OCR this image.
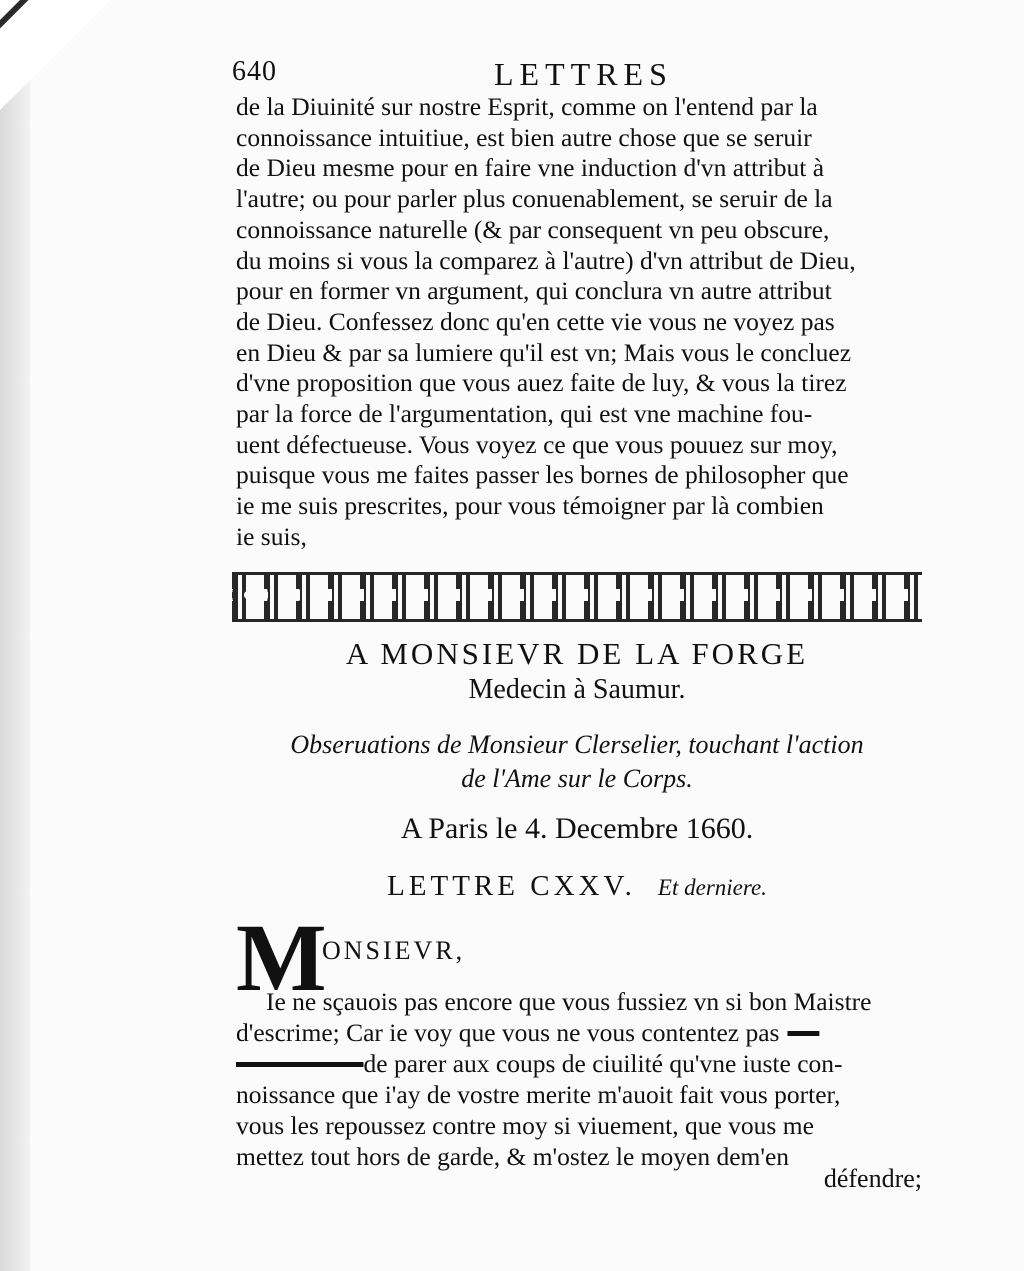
640	LETTRES
de la Diuinité sur nostre Esprit, comme on l'entend par la
connoissance intuitiue, est bien autre chose que se seruir
de Dieu mesme pour en faire vne induction d'vn attribut à
l'autre; ou pour parler plus conuenablement, se seruir de la
connoissance naturelle (& par consequent vn peu obscure,
du moins si vous la comparez à l'autre) d'vn attribut de Dieu,
pour en former vn argument, qui conclura vn autre attribut
de Dieu. Confessez donc qu'en cette vie vous ne voyez pas
en Dieu & par sa lumiere qu'il est vn; Mais vous le concluez
d'vne proposition que vous auez faite de luy, & vous la tirez
par la force de l'argumentation, qui est vne machine fou-
uent défectueuse. Vous voyez ce que vous pouuez sur moy,
puisque vous me faites passer les bornes de philosopher que
ie me suis prescrites, pour vous témoigner par là combien
ie suis,
A MONSIEVR DE LA FORGE
Medecin à Saumur.
Obseruations de Monsieur Clerselier, touchant l'action
de l'Ame sur le Corps.
A Paris le 4. Decembre 1660.
LETTRE CXXV. Et derniere.
M
ONSIEVR,
Ie ne sçauois pas encore que vous fussiez vn si bon Maistre
d'escrime; Car ie voy que vous ne vous contentez pas

de parer aux coups de ciuilité qu'vne iuste con-
noissance que i'ay de vostre merite m'auoit fait vous porter,
vous les repoussez contre moy si viuement, que vous me
mettez tout hors de garde, & m'ostez le moyen dem'en
défendre;
